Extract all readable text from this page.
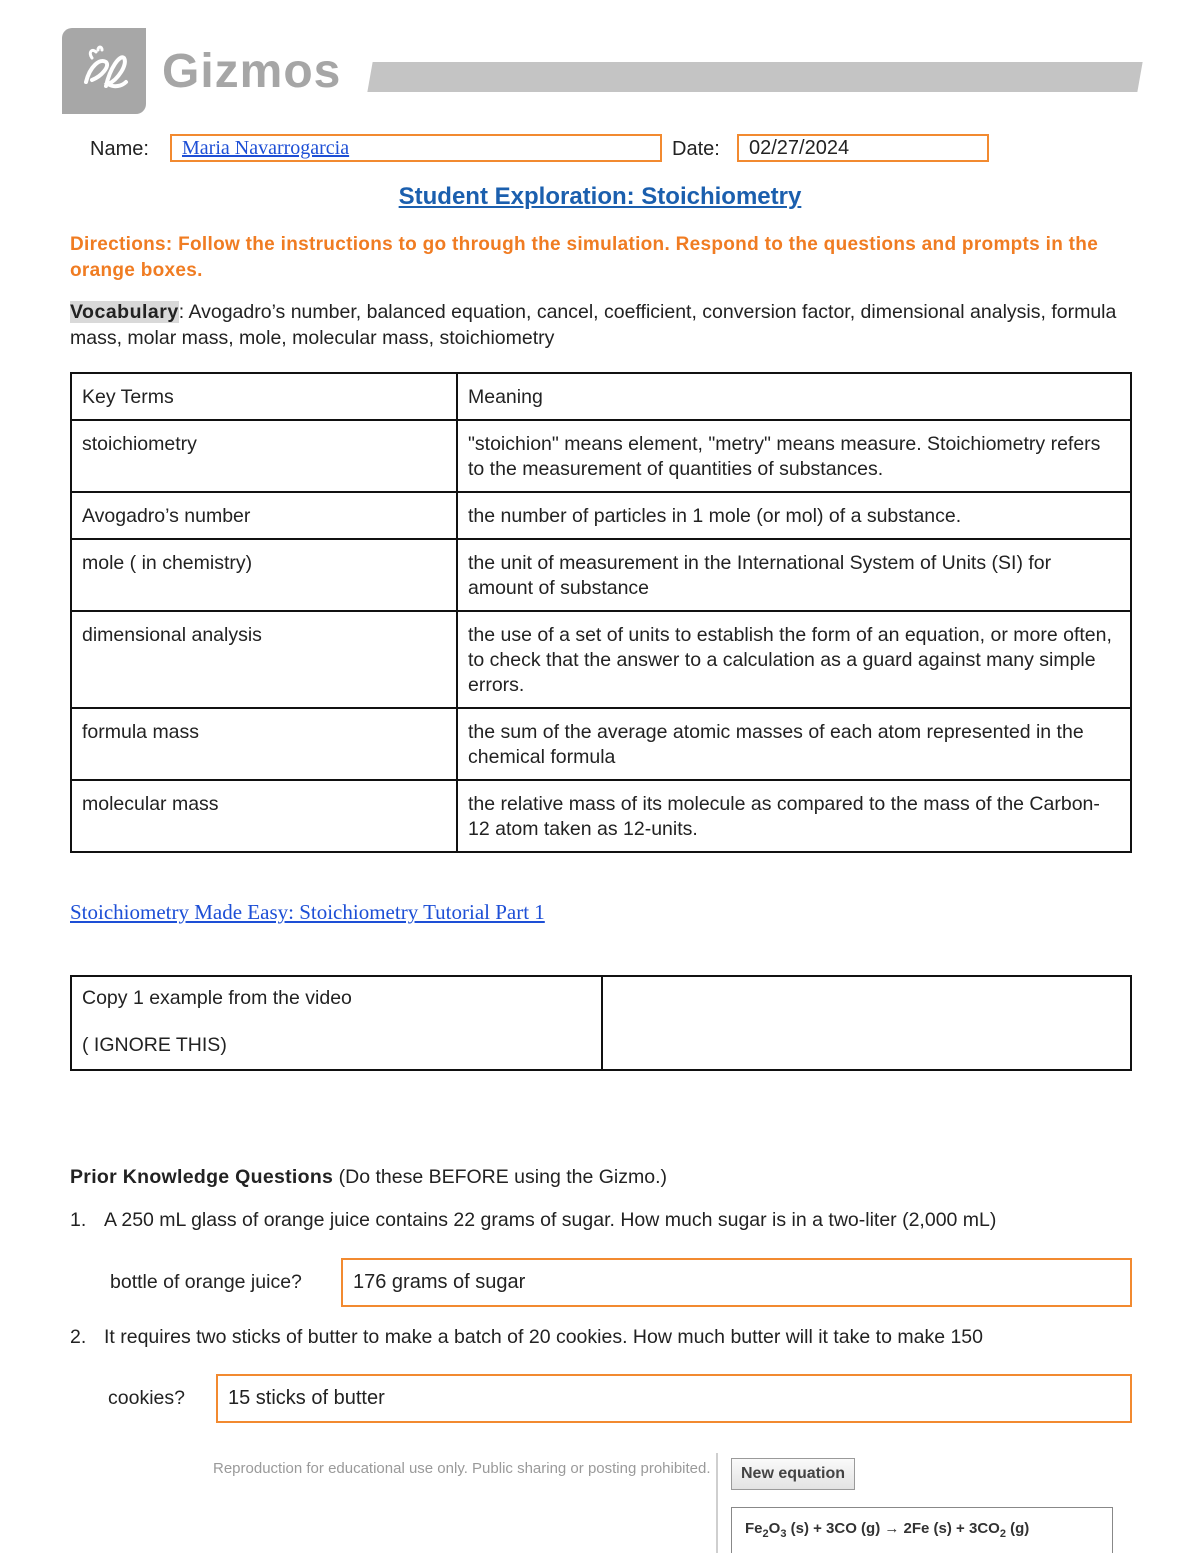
Gizmos
Name:	Maria Navarrogarcia	Date:	02/27/2024
Student Exploration: Stoichiometry
Directions: Follow the instructions to go through the simulation. Respond to the questions and prompts in the orange boxes.
Vocabulary: Avogadro’s number, balanced equation, cancel, coefficient, conversion factor, dimensional analysis, formula mass, molar mass, mole, molecular mass, stoichiometry
Key Terms	Meaning
stoichiometry	"stoichion" means element, "metry" means measure. Stoichiometry refers to the measurement of quantities of substances.
Avogadro’s number	the number of particles in 1 mole (or mol) of a substance.
mole ( in chemistry)	the unit of measurement in the International System of Units (SI) for amount of substance
dimensional analysis	the use of a set of units to establish the form of an equation, or more often, to check that the answer to a calculation as a guard against many simple errors.
formula mass	the sum of the average atomic masses of each atom represented in the chemical formula
molecular mass	the relative mass of its molecule as compared to the mass of the Carbon-12 atom taken as 12-units.
Stoichiometry Made Easy: Stoichiometry Tutorial Part 1
Copy 1 example from the video
( IGNORE THIS)

Prior Knowledge Questions (Do these BEFORE using the Gizmo.)
1. A 250 mL glass of orange juice contains 22 grams of sugar. How much sugar is in a two-liter (2,000 mL)
bottle of orange juice?	176 grams of sugar
2. It requires two sticks of butter to make a batch of 20 cookies. How much butter will it take to make 150
cookies?	15 sticks of butter
Reproduction for educational use only. Public sharing or posting prohibited.	New equation
$Fe_2O_3$ (s) + 3CO (g) → 2Fe $(s) + 3CO_2$ (g)
